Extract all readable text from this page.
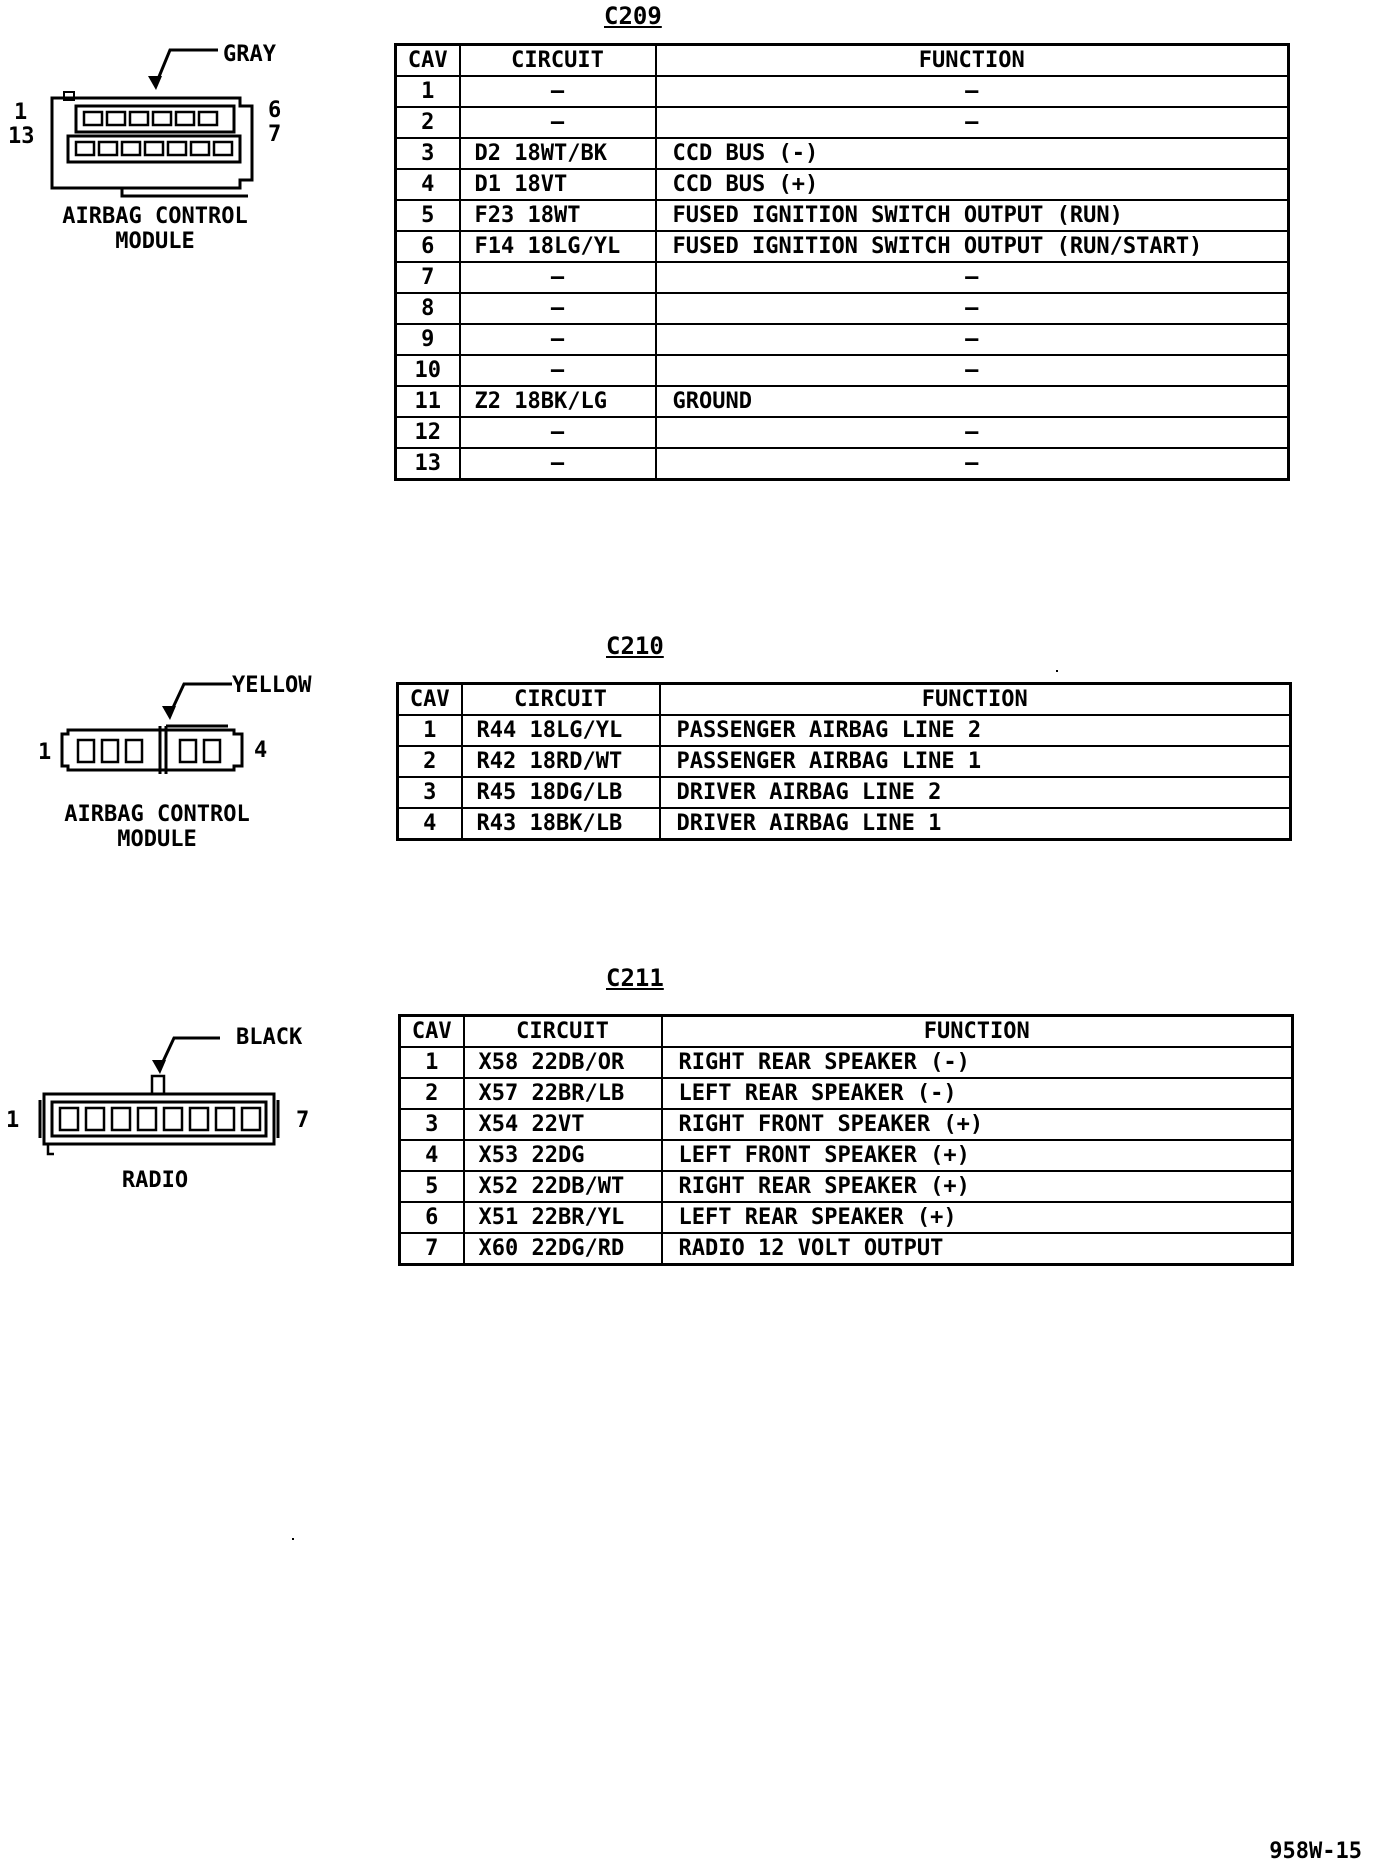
C209
GRAY
1
13
6
7
AIRBAG CONTROL
MODULE
CAV	CIRCUIT	FUNCTION
1	–	–
2	–	–
3	D2 18WT/BK	CCD BUS (-)
4	D1 18VT	CCD BUS (+)
5	F23 18WT	FUSED IGNITION SWITCH OUTPUT (RUN)
6	F14 18LG/YL	FUSED IGNITION SWITCH OUTPUT (RUN/START)
7	–	–
8	–	–
9	–	–
10	–	–
11	Z2 18BK/LG	GROUND
12	–	–
13	–	–
C210
YELLOW
1	4
AIRBAG CONTROL
MODULE
CAV	CIRCUIT	FUNCTION
1	R44 18LG/YL	PASSENGER AIRBAG LINE 2
2	R42 18RD/WT	PASSENGER AIRBAG LINE 1
3	R45 18DG/LB	DRIVER AIRBAG LINE 2
4	R43 18BK/LB	DRIVER AIRBAG LINE 1
C211
BLACK
1	7
RADIO
CAV	CIRCUIT	FUNCTION
1	X58 22DB/OR	RIGHT REAR SPEAKER (-)
2	X57 22BR/LB	LEFT REAR SPEAKER (-)
3	X54 22VT	RIGHT FRONT SPEAKER (+)
4	X53 22DG	LEFT FRONT SPEAKER (+)
5	X52 22DB/WT	RIGHT REAR SPEAKER (+)
6	X51 22BR/YL	LEFT REAR SPEAKER (+)
7	X60 22DG/RD	RADIO 12 VOLT OUTPUT
958W-15
